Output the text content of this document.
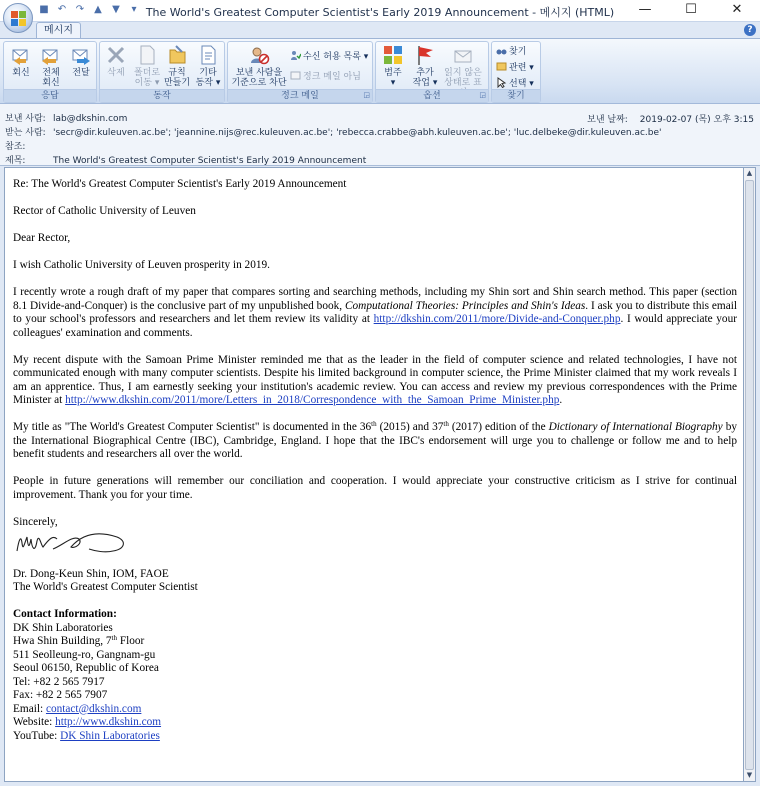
■ ↶ ↷ ▲ ▼	▾ The World's Greatest Computer Scientist's Early 2019 Announcement - 메시지 (HTML)	—	☐	✕
메시지	?
회신	전체
회신
전달
응답
삭제	폴더로
이동 ▾
규칙
만들기
기타
동작 ▾
동작
보낸 사람을
기준으로 차단
수신 허용 목록 ▾
정크 메일 아님
정크 메일	◲
범주
▾
추가
작업 ▾
읽지 않은
상태로 표
옵션	◲
찾기
관련 ▾
선택 ▾
찾기
보낸 사람: lab@dkshin.com	보낸 날짜: 2019-02-07 (목) 오후 3:15
받는 사람: 'secr@dir.kuleuven.ac.be'; 'jeannine.nijs@rec.kuleuven.ac.be'; 'rebecca.crabbe@abh.kuleuven.ac.be'; 'luc.delbeke@dir.kuleuven.ac.be'
참조:
제목:	The World's Greatest Computer Scientist's Early 2019 Announcement

Re: The World's Greatest Computer Scientist's Early 2019 Announcement

Rector of Catholic University of Leuven

Dear Rector,

I wish Catholic University of Leuven prosperity in 2019.

I recently wrote a rough draft of my paper that compares sorting and searching methods, including my Shin sort and Shin search method. This paper (section 8.1 Divide-and-Conquer) is the conclusive part of my unpublished book, Computational Theories: Principles and Shin's Ideas. I ask you to distribute this email to your school's professors and researchers and let them review its validity at http://dkshin.com/2011/more/Divide-and-Conquer.php. I would appreciate your colleagues' examination and comments.

My recent dispute with the Samoan Prime Minister reminded me that as the leader in the field of computer science and related technologies, I have not communicated enough with many computer scientists. Despite his limited background in computer science, the Prime Minister claimed that my work reveals I am an apprentice. Thus, I am earnestly seeking your institution's academic review. You can access and review my previous correspondences with the Prime Minister at http://www.dkshin.com/2011/more/Letters_in_2018/Correspondence_with_the_Samoan_Prime_Minister.php.

My title as "The World's Greatest Computer Scientist" is documented in the 36th (2015) and 37th (2017) edition of the Dictionary of International Biography by the International Biographical Centre (IBC), Cambridge, England. I hope that the IBC's endorsement will urge you to challenge or follow me and to help benefit students and researchers all over the world.

People in future generations will remember our conciliation and cooperation. I would appreciate your constructive criticism as I strive for continual improvement. Thank you for your time.

Sincerely,

Dr. Dong-Keun Shin, IOM, FAOE

The World's Greatest Computer Scientist

Contact Information:

DK Shin Laboratories

Hwa Shin Building, 7th Floor

511 Seolleung-ro, Gangnam-gu

Seoul 06150, Republic of Korea

Tel: +82 2 565 7917

Fax: +82 2 565 7907

Email: contact@dkshin.com

Website: http://www.dkshin.com

YouTube: DK Shin Laboratories

▲
▼
